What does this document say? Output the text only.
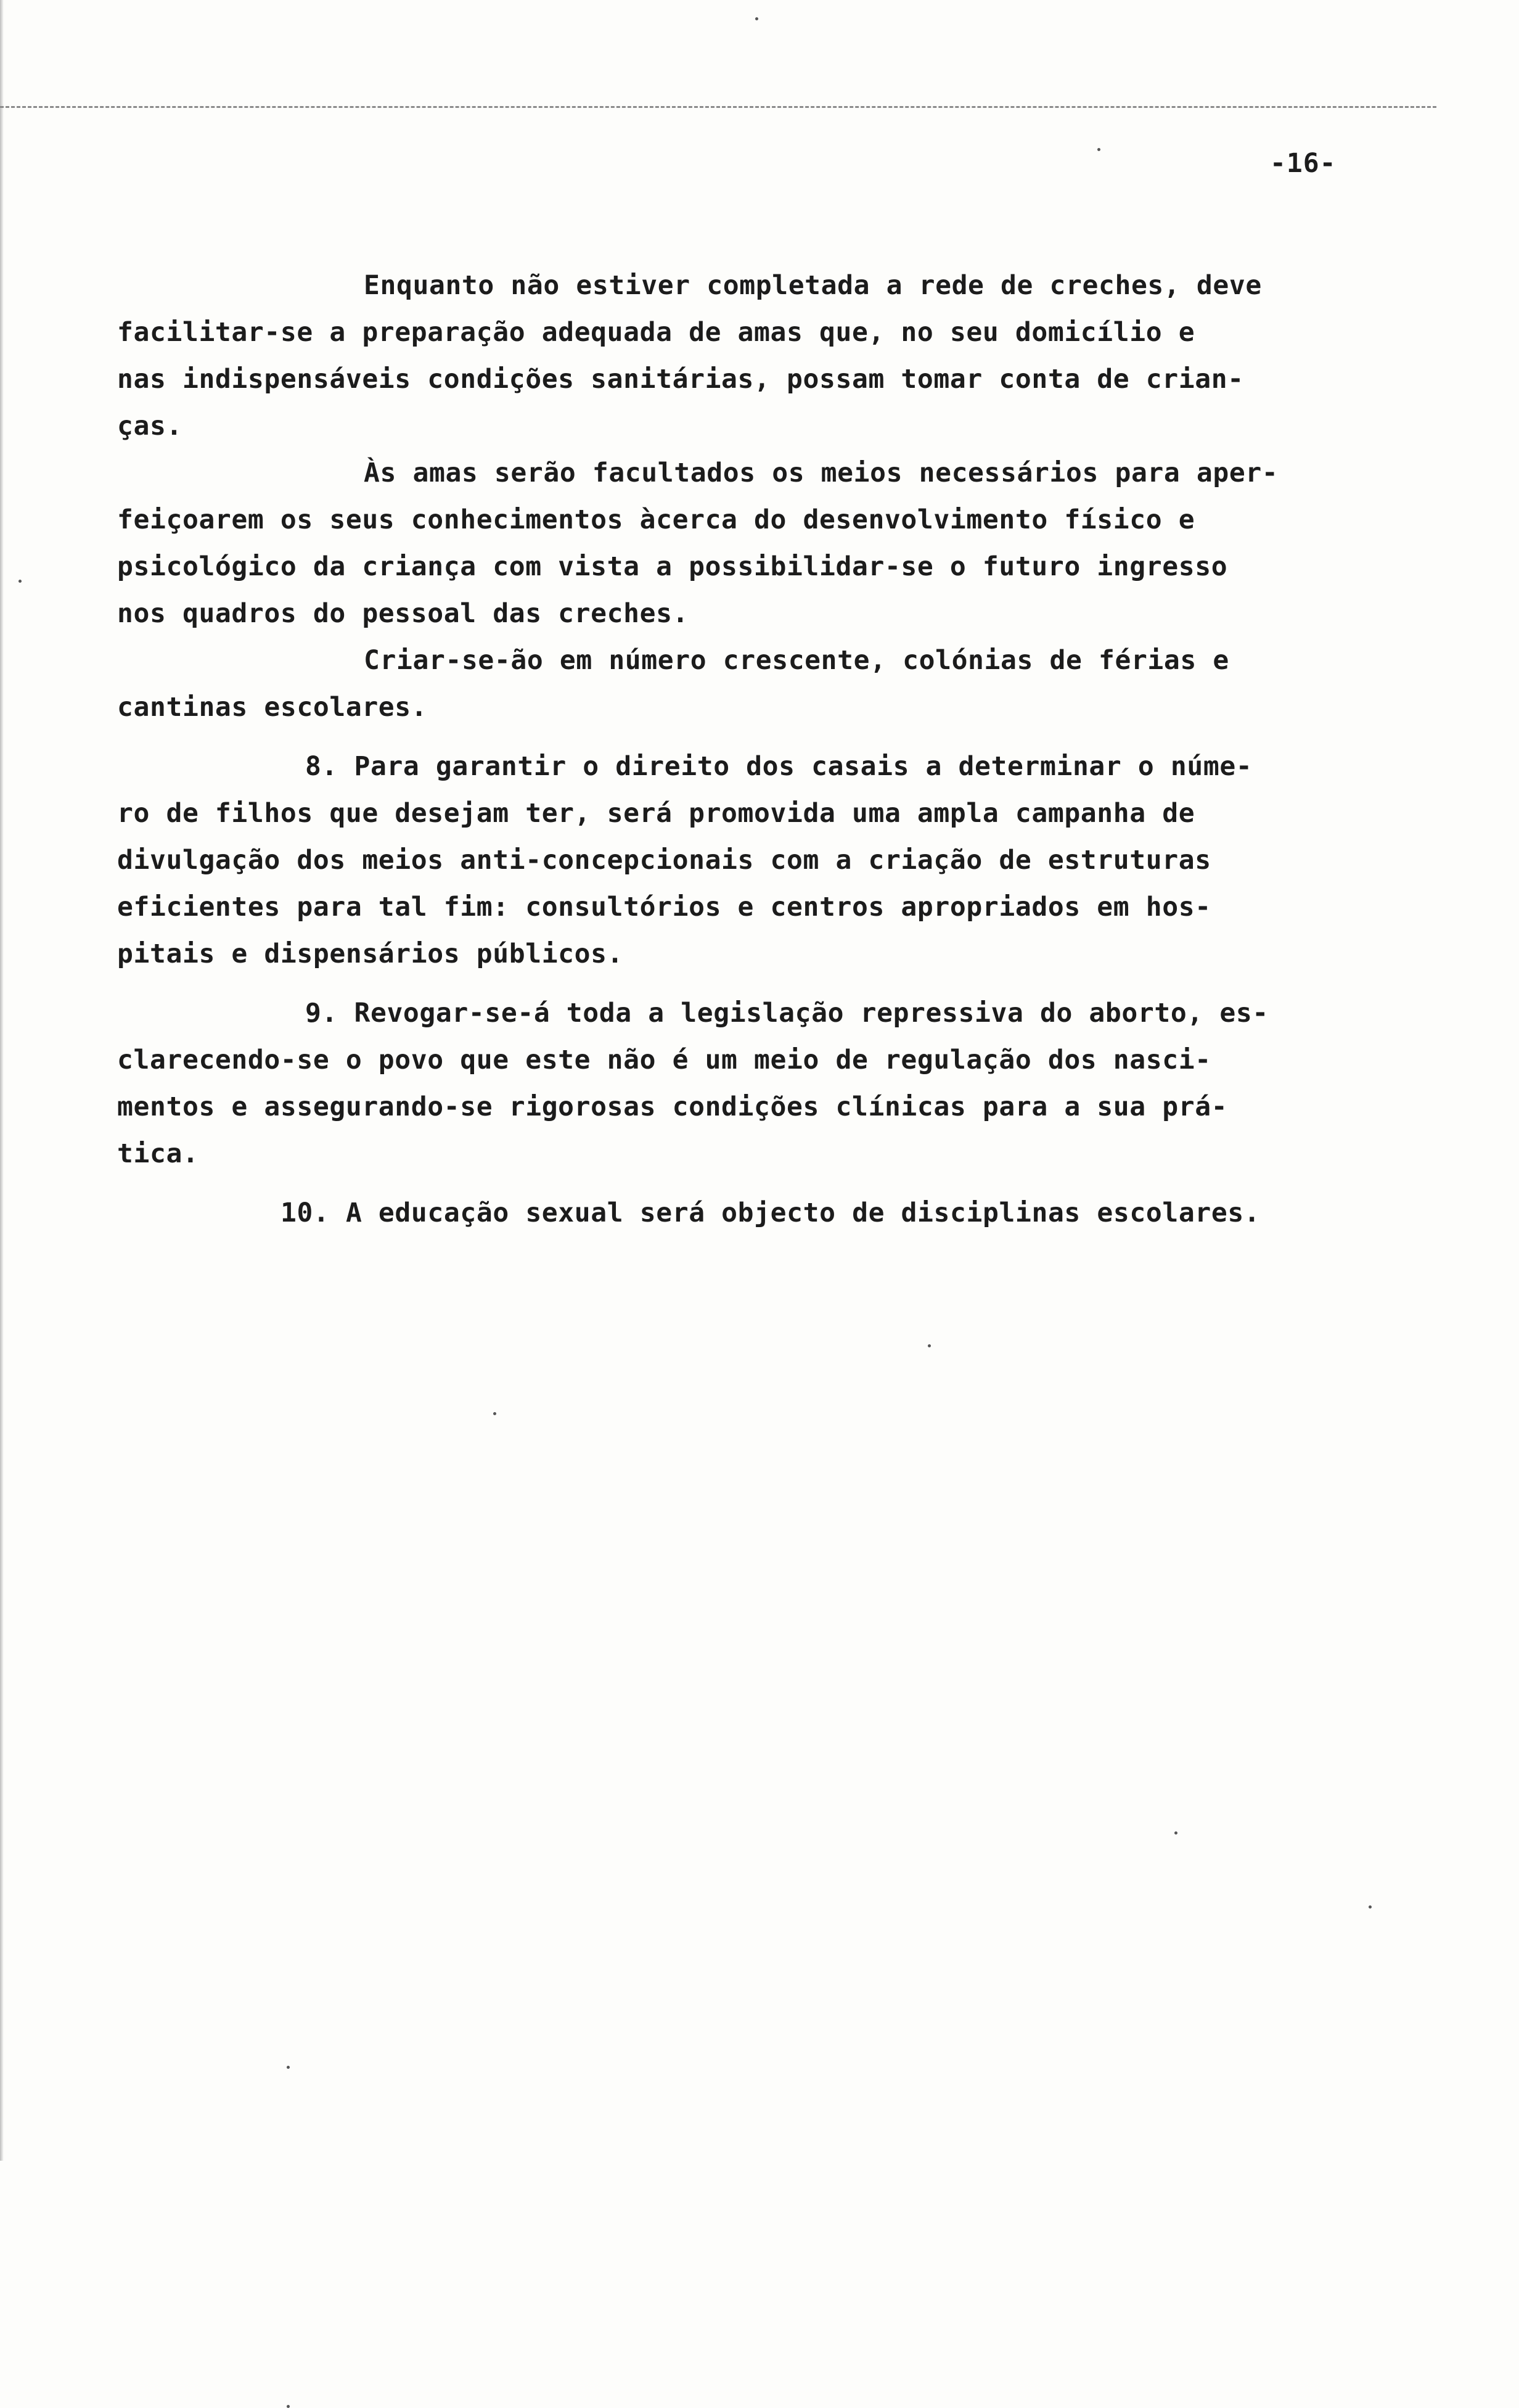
-16-
Enquanto não estiver completada a rede de creches, deve
facilitar-se a preparação adequada de amas que, no seu domicílio e
nas indispensáveis condições sanitárias, possam tomar conta de crian-
ças.
Às amas serão facultados os meios necessários para aper-
feiçoarem os seus conhecimentos àcerca do desenvolvimento físico e
psicológico da criança com vista a possibilidar-se o futuro ingresso
nos quadros do pessoal das creches.
Criar-se-ão em número crescente, colónias de férias e
cantinas escolares.
8. Para garantir o direito dos casais a determinar o núme-
ro de filhos que desejam ter, será promovida uma ampla campanha de
divulgação dos meios anti-concepcionais com a criação de estruturas
eficientes para tal fim: consultórios e centros apropriados em hos-
pitais e dispensários públicos.
9. Revogar-se-á toda a legislação repressiva do aborto, es-
clarecendo-se o povo que este não é um meio de regulação dos nasci-
mentos e assegurando-se rigorosas condições clínicas para a sua prá-
tica.
10. A educação sexual será objecto de disciplinas escolares.
